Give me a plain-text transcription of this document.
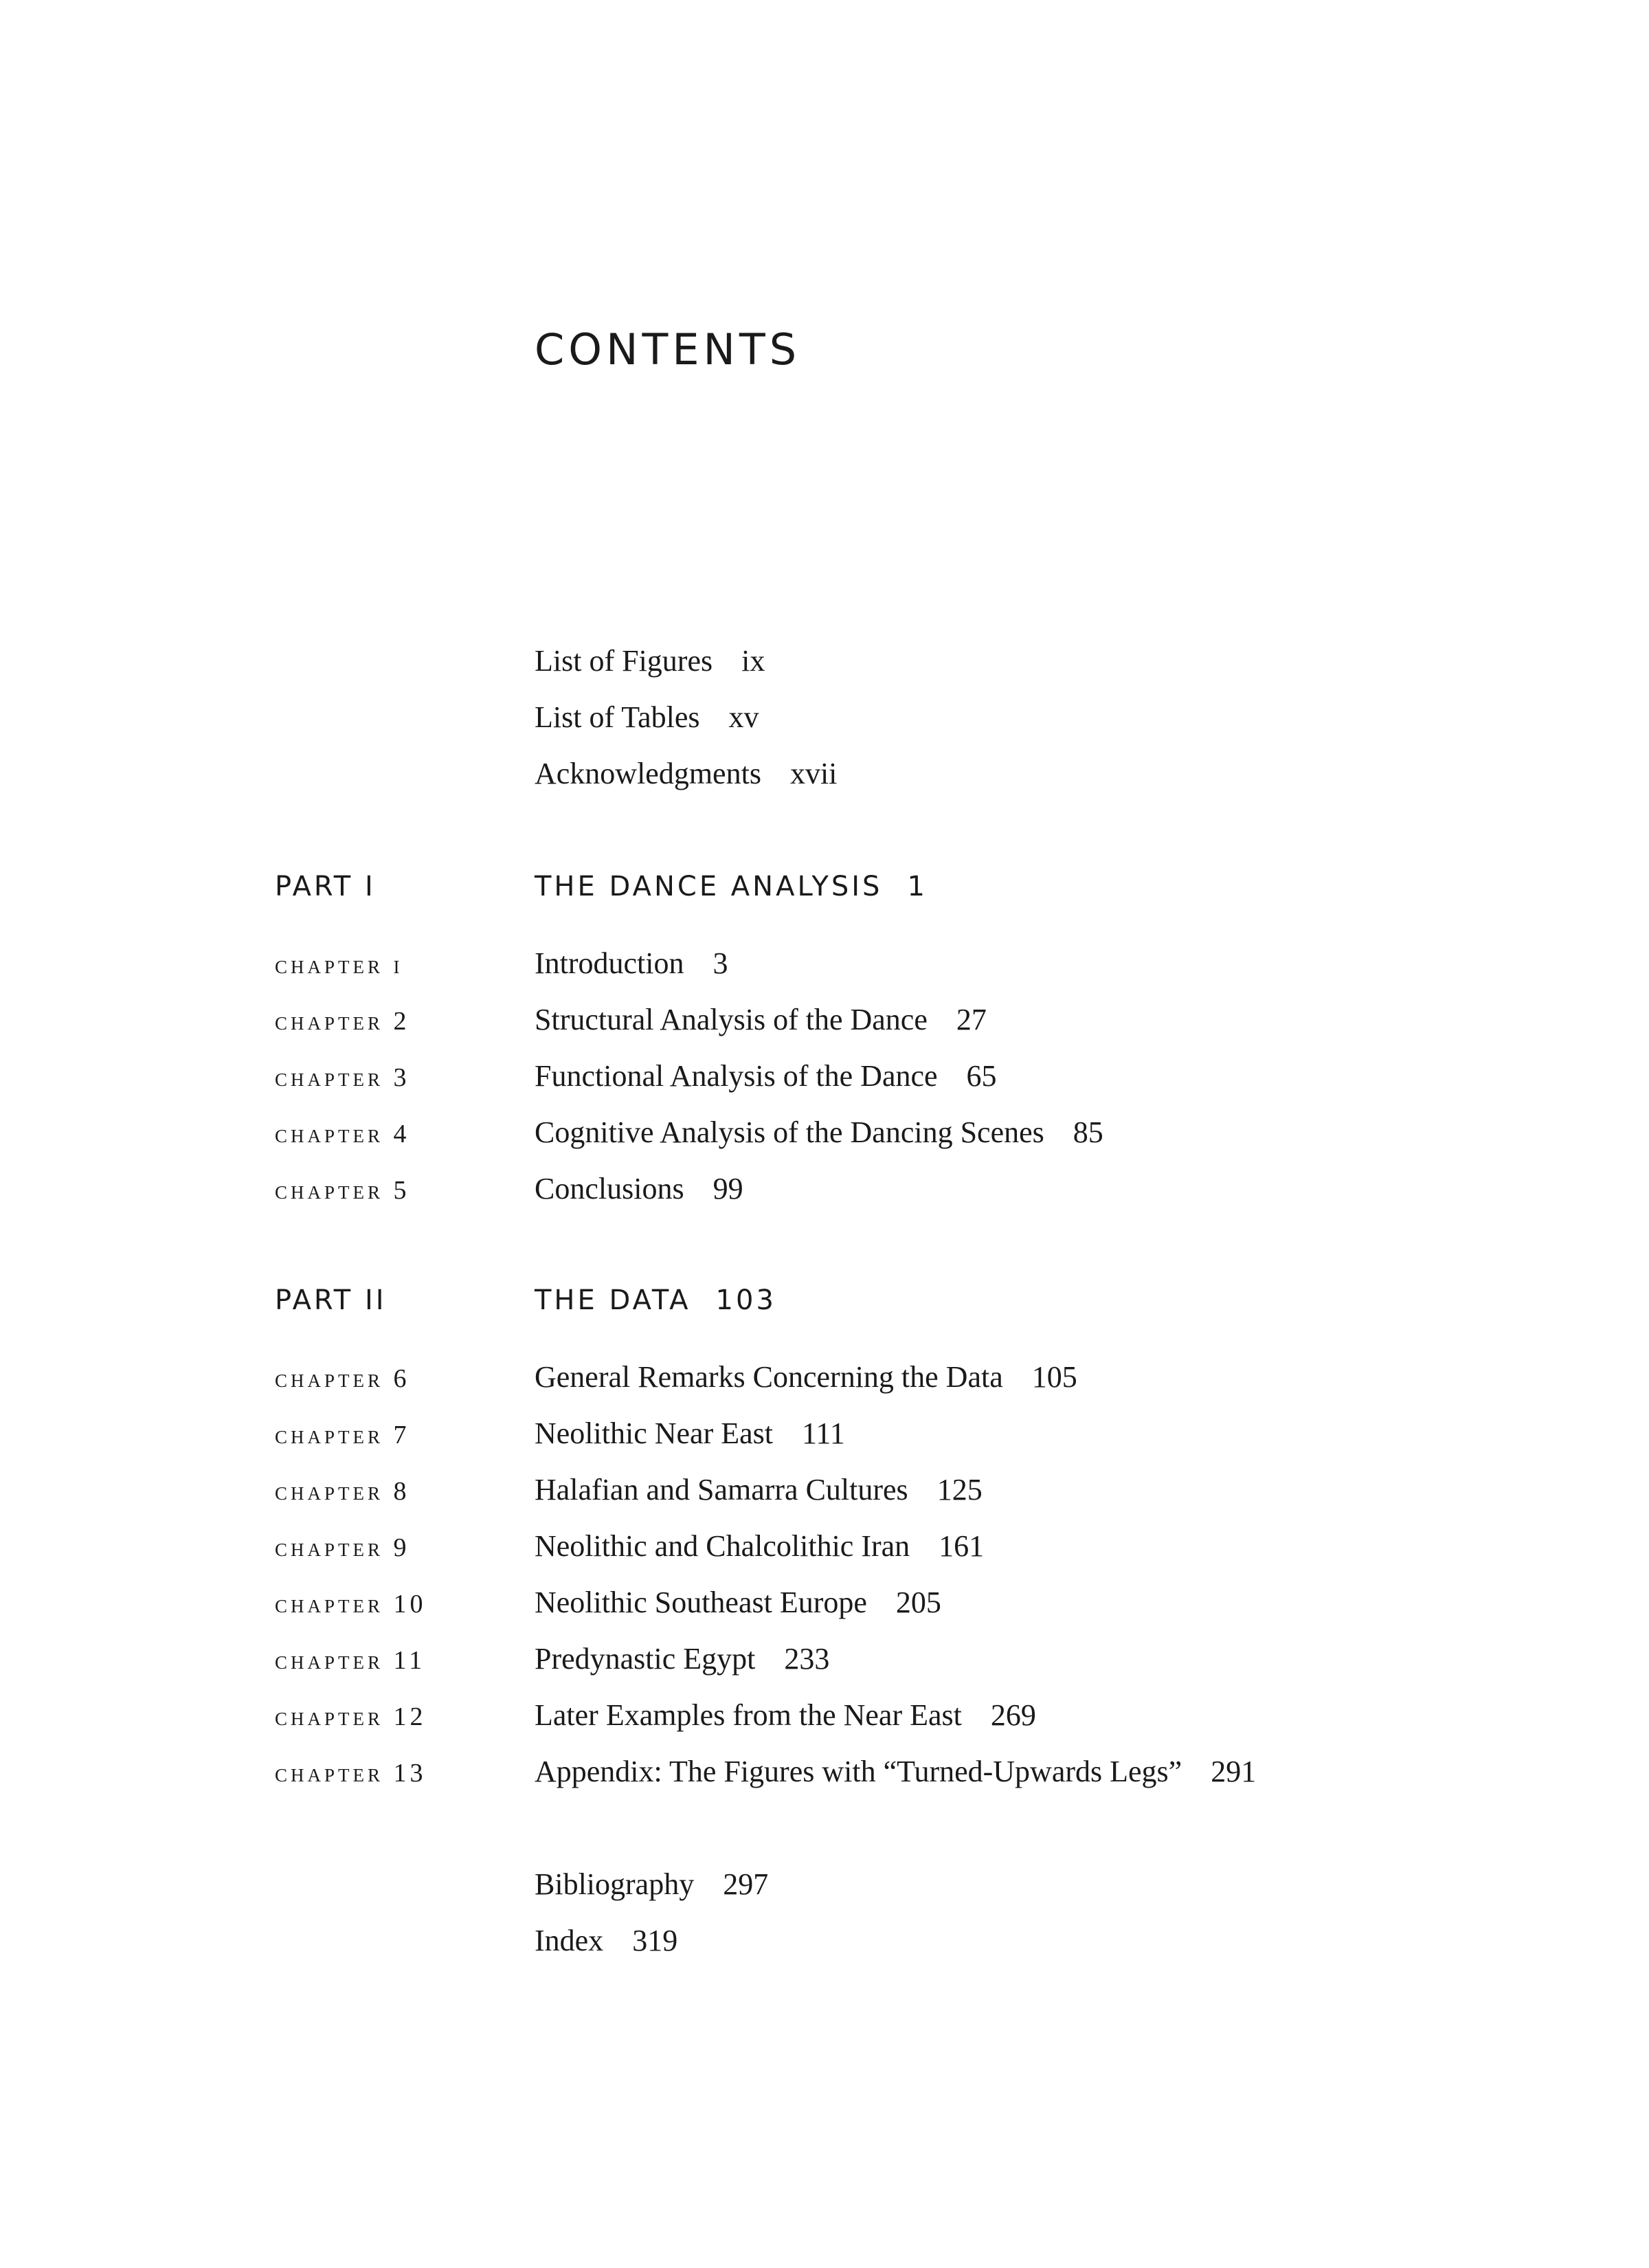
CONTENTS
List of Figures ix
List of Tables xv
Acknowledgments xvii
PART I	THE DANCE ANALYSIS 1
chapter i	Introduction 3
chapter 2	Structural Analysis of the Dance 27
chapter 3	Functional Analysis of the Dance 65
chapter 4	Cognitive Analysis of the Dancing Scenes 85
chapter 5	Conclusions 99
PART II	THE DATA 103
chapter 6	General Remarks Concerning the Data 105
chapter 7	Neolithic Near East 111
chapter 8	Halafian and Samarra Cultures 125
chapter 9	Neolithic and Chalcolithic Iran 161
chapter 10	Neolithic Southeast Europe 205
chapter 11	Predynastic Egypt 233
chapter 12	Later Examples from the Near East 269
chapter 13	Appendix: The Figures with “Turned-Upwards Legs” 291
Bibliography 297
Index 319
